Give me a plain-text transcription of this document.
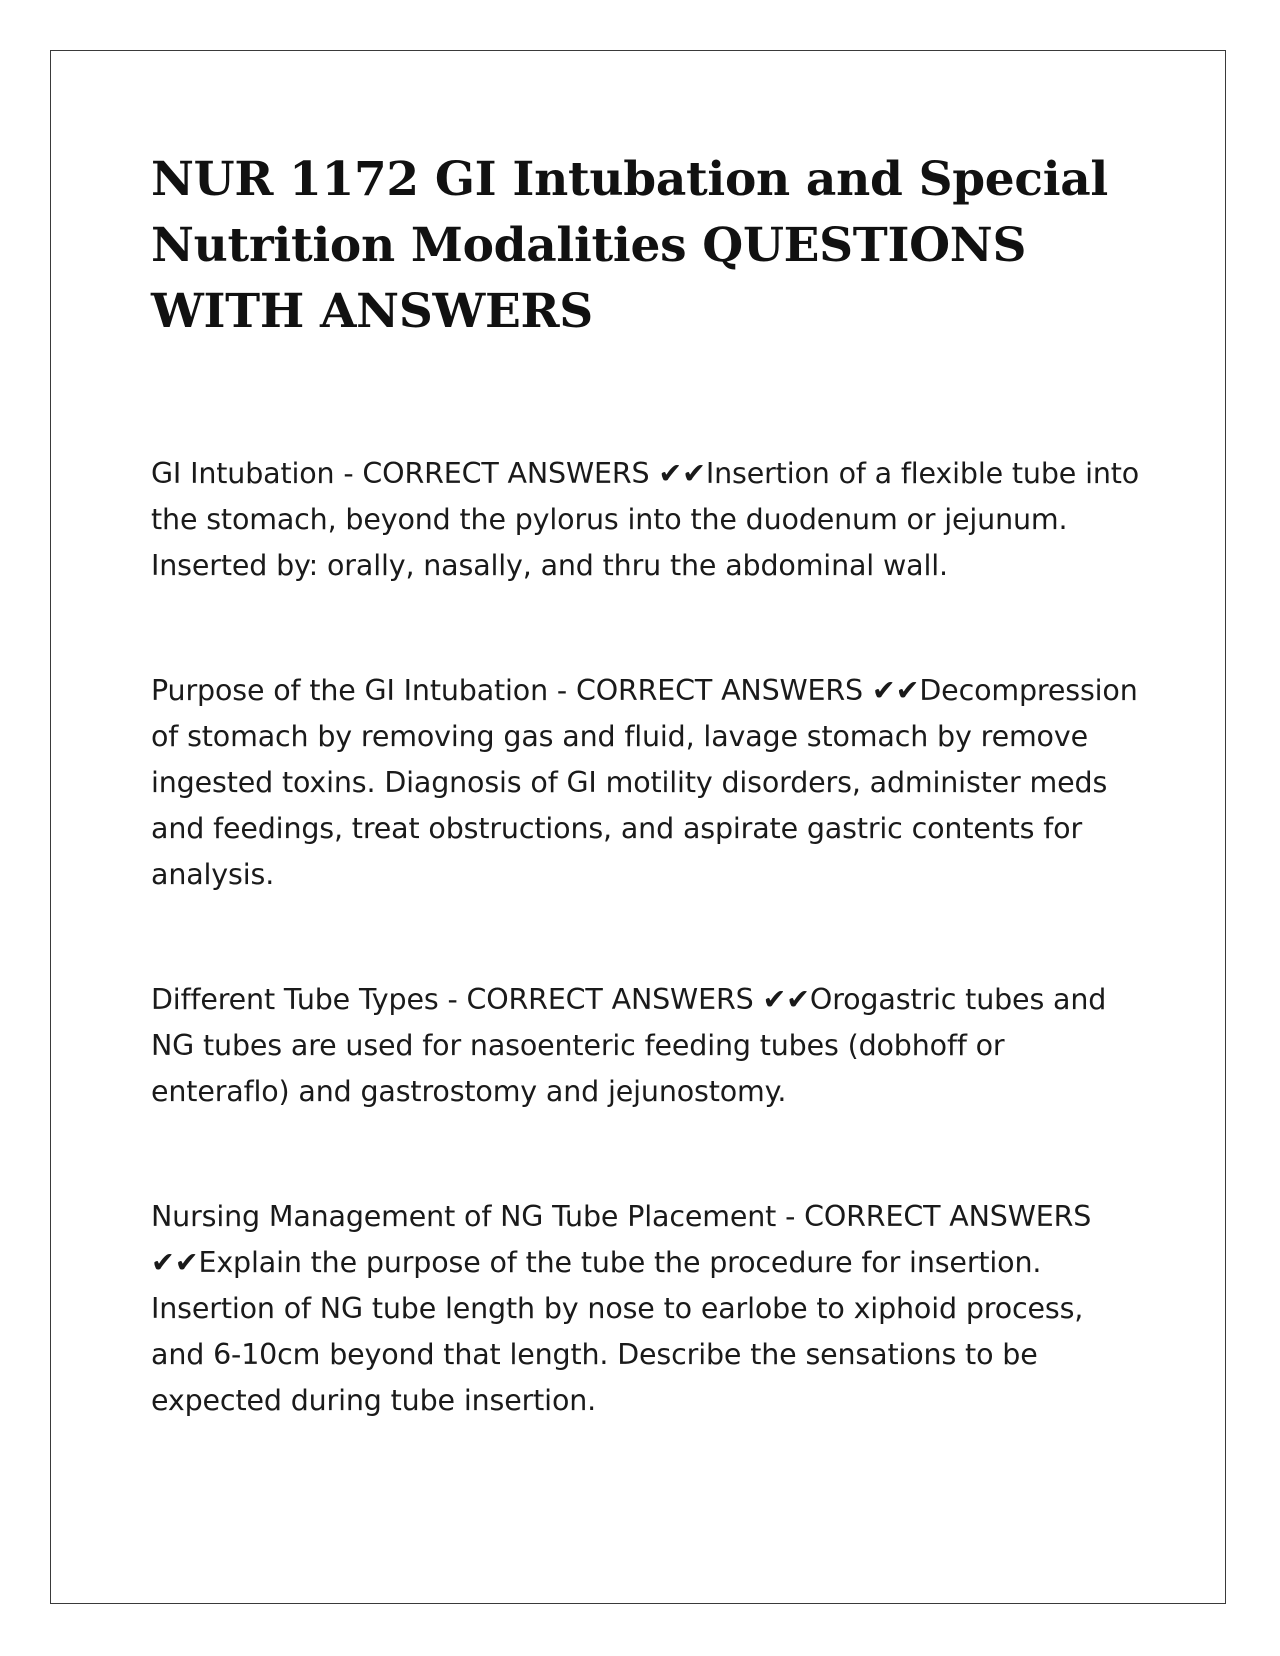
NUR 1172 GI Intubation and Special Nutrition Modalities QUESTIONS WITH ANSWERS

GI Intubation - CORRECT ANSWERS ✔✔Insertion of a flexible tube into the stomach, beyond the pylorus into the duodenum or jejunum. Inserted by: orally, nasally, and thru the abdominal wall.

Purpose of the GI Intubation - CORRECT ANSWERS ✔✔Decompression of stomach by removing gas and fluid, lavage stomach by remove ingested toxins. Diagnosis of GI motility disorders, administer meds and feedings, treat obstructions, and aspirate gastric contents for analysis.

Different Tube Types - CORRECT ANSWERS ✔✔Orogastric tubes and NG tubes are used for nasoenteric feeding tubes (dobhoff or enteraflo) and gastrostomy and jejunostomy.

Nursing Management of NG Tube Placement - CORRECT ANSWERS ✔✔Explain the purpose of the tube the procedure for insertion. Insertion of NG tube length by nose to earlobe to xiphoid process, and 6-10cm beyond that length. Describe the sensations to be expected during tube insertion.
